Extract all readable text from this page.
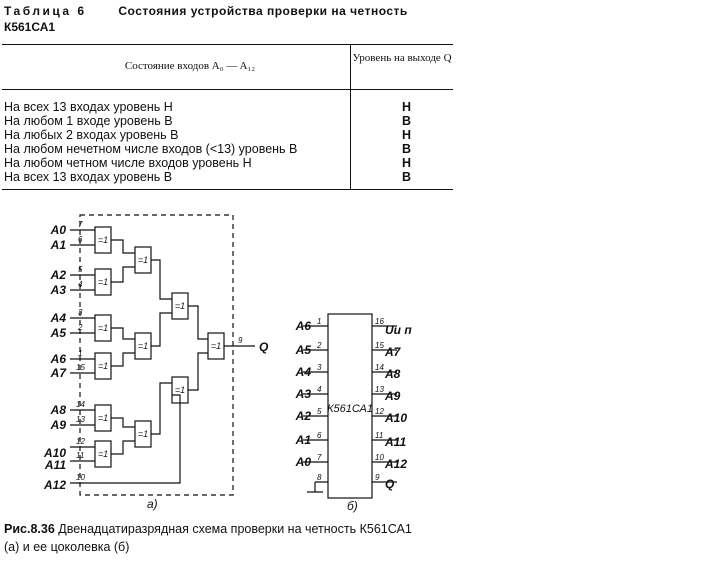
Таблица 6	Состояния устройства проверки на четность
К561СА1
Состояние входов A₀ — A₁₂
Уровень на выходе Q
На всех 13 входах уровень Н	Н
На любом 1 входе уровень В	В
На любых 2 входах уровень В	Н
На любом нечетном числе входов (<13) уровень В	В
На любом четном числе входов уровень Н	Н
На всех 13 входах уровень В	В
=1
=1
=1
=1
=1
=1
=1
=1
=1
=1
=1
=1
A0
A1
A2
A3
A4
A5
A6
A7
A8
A9
A10
A11
A12
7
6
5
4
3
2
1
15
14
13
12
11
10
9 Q
а)
К561СА1
A6
A5
A4
A3
A2
A1
A0
1
2
3
4
5
6
7
8
16
15
14
13
12
11
10
9
Uи п
A7
A8
A9
A10
A11
A12
Q
б)
Рис.8.36 Двенадцатиразрядная схема проверки на четность К561СА1
(а) и ее цоколевка (б)
